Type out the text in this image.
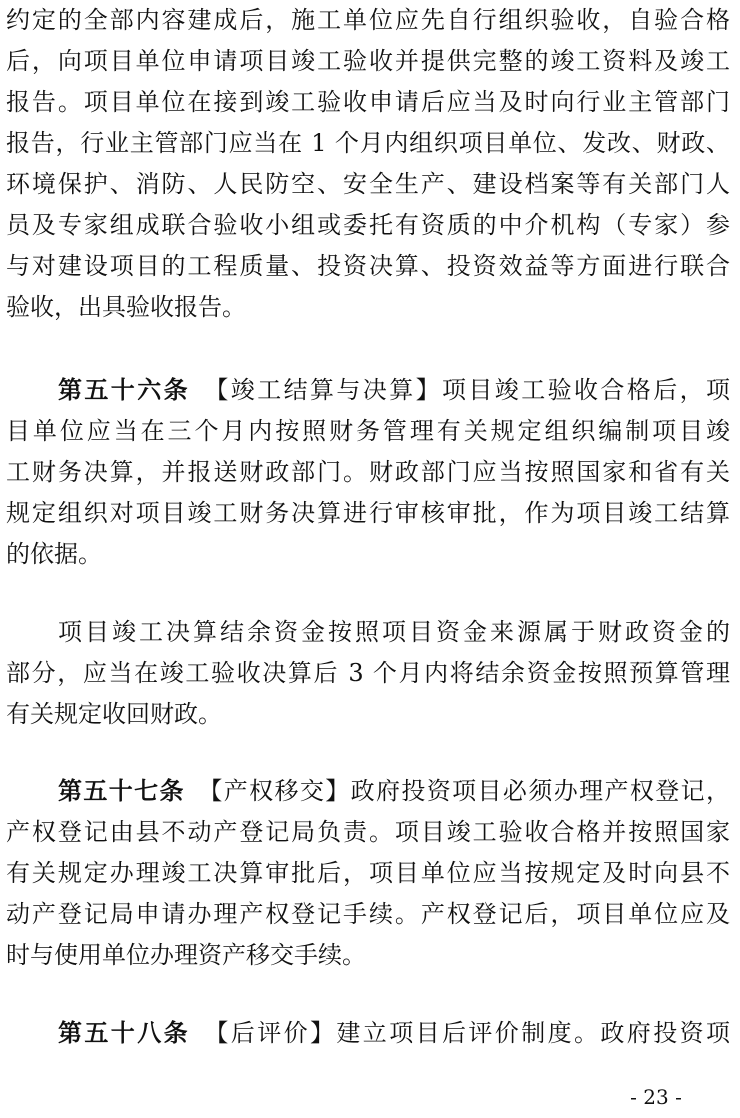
约定的全部内容建成后，施工单位应先自行组织验收，自验合格
后，向项目单位申请项目竣工验收并提供完整的竣工资料及竣工
报告。项目单位在接到竣工验收申请后应当及时向行业主管部门
报告，行业主管部门应当在 1 个月内组织项目单位、发改、财政、
环境保护、消防、人民防空、安全生产、建设档案等有关部门人
员及专家组成联合验收小组或委托有资质的中介机构（专家）参
与对建设项目的工程质量、投资决算、投资效益等方面进行联合
验收，出具验收报告。
第五十六条  【竣工结算与决算】项目竣工验收合格后，项
目单位应当在三个月内按照财务管理有关规定组织编制项目竣
工财务决算，并报送财政部门。财政部门应当按照国家和省有关
规定组织对项目竣工财务决算进行审核审批，作为项目竣工结算
的依据。
项目竣工决算结余资金按照项目资金来源属于财政资金的
部分，应当在竣工验收决算后 3 个月内将结余资金按照预算管理
有关规定收回财政。
第五十七条  【产权移交】政府投资项目必须办理产权登记，
产权登记由县不动产登记局负责。项目竣工验收合格并按照国家
有关规定办理竣工决算审批后，项目单位应当按规定及时向县不
动产登记局申请办理产权登记手续。产权登记后，项目单位应及
时与使用单位办理资产移交手续。
第五十八条  【后评价】建立项目后评价制度。政府投资项
- 23 -
